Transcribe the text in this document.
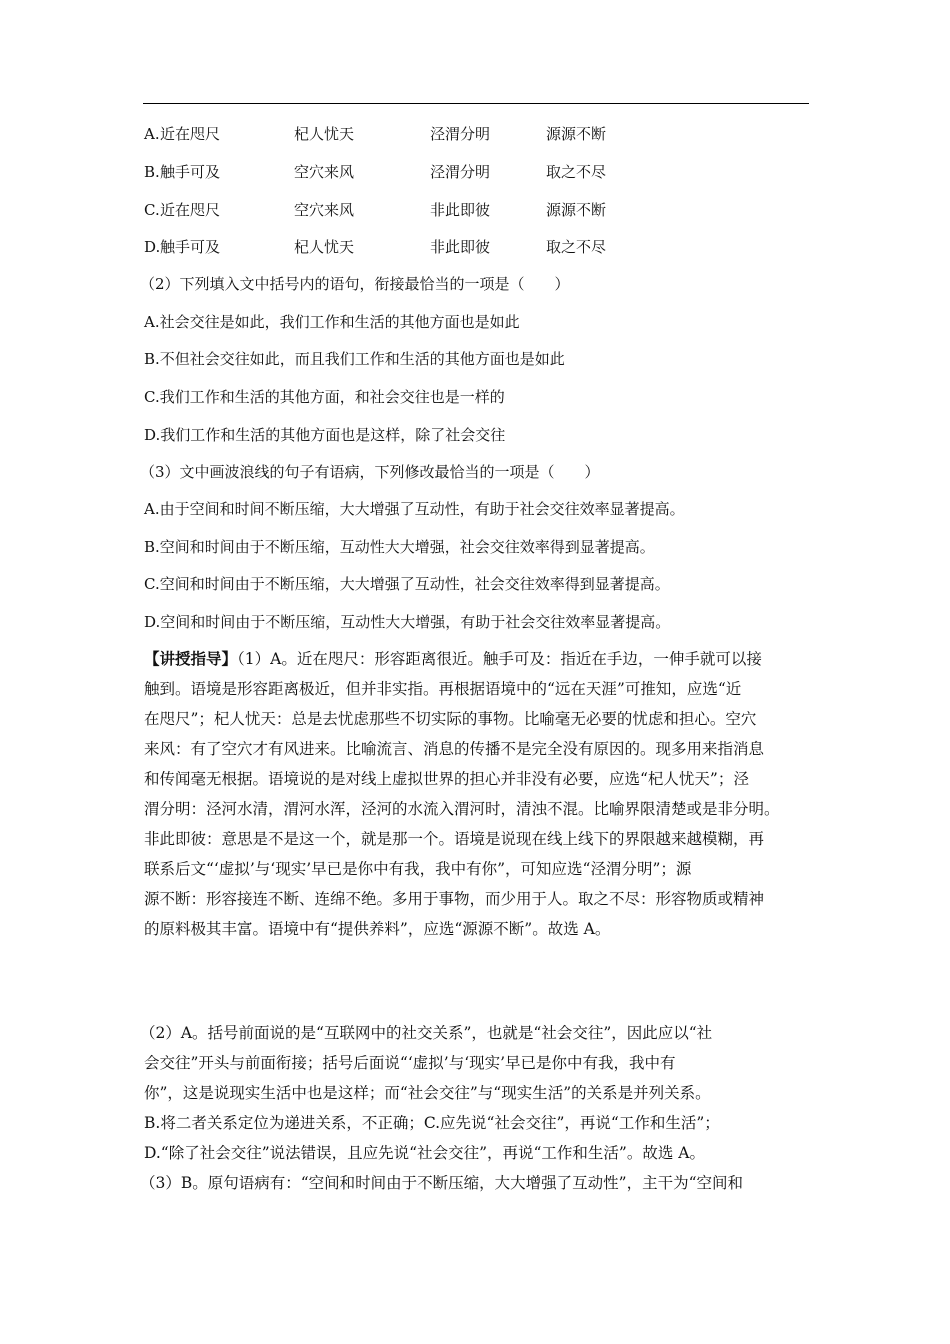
A. 近在咫尺	杞人忧天	泾渭分明	源源不断
B. 触手可及	空穴来风	泾渭分明	取之不尽
C. 近在咫尺	空穴来风	非此即彼	源源不断
D. 触手可及	杞人忧天	非此即彼	取之不尽
（2）下列填入文中括号内的语句，衔接最恰当的一项是（　　）
A.社会交往是如此，我们工作和生活的其他方面也是如此
B.不但社会交往如此，而且我们工作和生活的其他方面也是如此
C.我们工作和生活的其他方面，和社会交往也是一样的
D.我们工作和生活的其他方面也是这样，除了社会交往
（3）文中画波浪线的句子有语病，下列修改最恰当的一项是（　　）
A.由于空间和时间不断压缩，大大增强了互动性，有助于社会交往效率显著提高。
B.空间和时间由于不断压缩，互动性大大增强，社会交往效率得到显著提高。
C.空间和时间由于不断压缩，大大增强了互动性，社会交往效率得到显著提高。
D.空间和时间由于不断压缩，互动性大大增强，有助于社会交往效率显著提高。
【讲授指导】（1）A。近在咫尺：形容距离很近。触手可及：指近在手边，一伸手就可以接
触到。语境是形容距离极近，但并非实指。再根据语境中的“远在天涯”可推知，应选“近
在咫尺”；杞人忧天：总是去忧虑那些不切实际的事物。比喻毫无必要的忧虑和担心。空穴
来风：有了空穴才有风进来。比喻流言、消息的传播不是完全没有原因的。现多用来指消息
和传闻毫无根据。语境说的是对线上虚拟世界的担心并非没有必要，应选“杞人忧天”；泾
渭分明：泾河水清，渭河水浑，泾河的水流入渭河时，清浊不混。比喻界限清楚或是非分明。
非此即彼：意思是不是这一个，就是那一个。语境是说现在线上线下的界限越来越模糊，再
联系后文“‘虚拟’与‘现实’早已是你中有我，我中有你”，可知应选“泾渭分明”；源
源不断：形容接连不断、连绵不绝。多用于事物，而少用于人。取之不尽：形容物质或精神
的原料极其丰富。语境中有“提供养料”，应选“源源不断”。故选 A。
（2）A。括号前面说的是“互联网中的社交关系”，也就是“社会交往”，因此应以“社
会交往”开头与前面衔接；括号后面说“‘虚拟’与‘现实’早已是你中有我，我中有
你”，这是说现实生活中也是这样；而“社会交往”与“现实生活”的关系是并列关系。
B.将二者关系定位为递进关系，不正确；C.应先说“社会交往”，再说“工作和生活”；
D.“除了社会交往”说法错误，且应先说“社会交往”，再说“工作和生活”。故选 A。
（3）B。原句语病有：“空间和时间由于不断压缩，大大增强了互动性”，主干为“空间和
